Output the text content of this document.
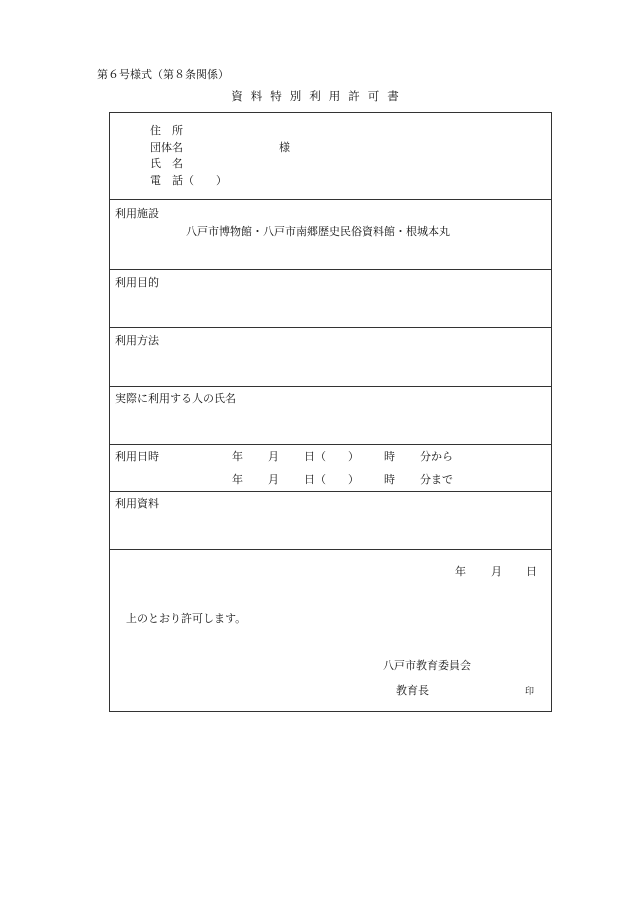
第６号様式（第８条関係）
資料特別利用許可書
住　所
団体名	様
氏　名
電　話（　　）
利用施設
八戸市博物館・八戸市南郷歴史民俗資料館・根城本丸
利用目的
利用方法
実際に利用する人の氏名
利用日時	年 月 日（ ） 時 分から
年 月 日（ ） 時 分まで
利用資料
年 月 日
上のとおり許可します。
八戸市教育委員会
教育長	印
